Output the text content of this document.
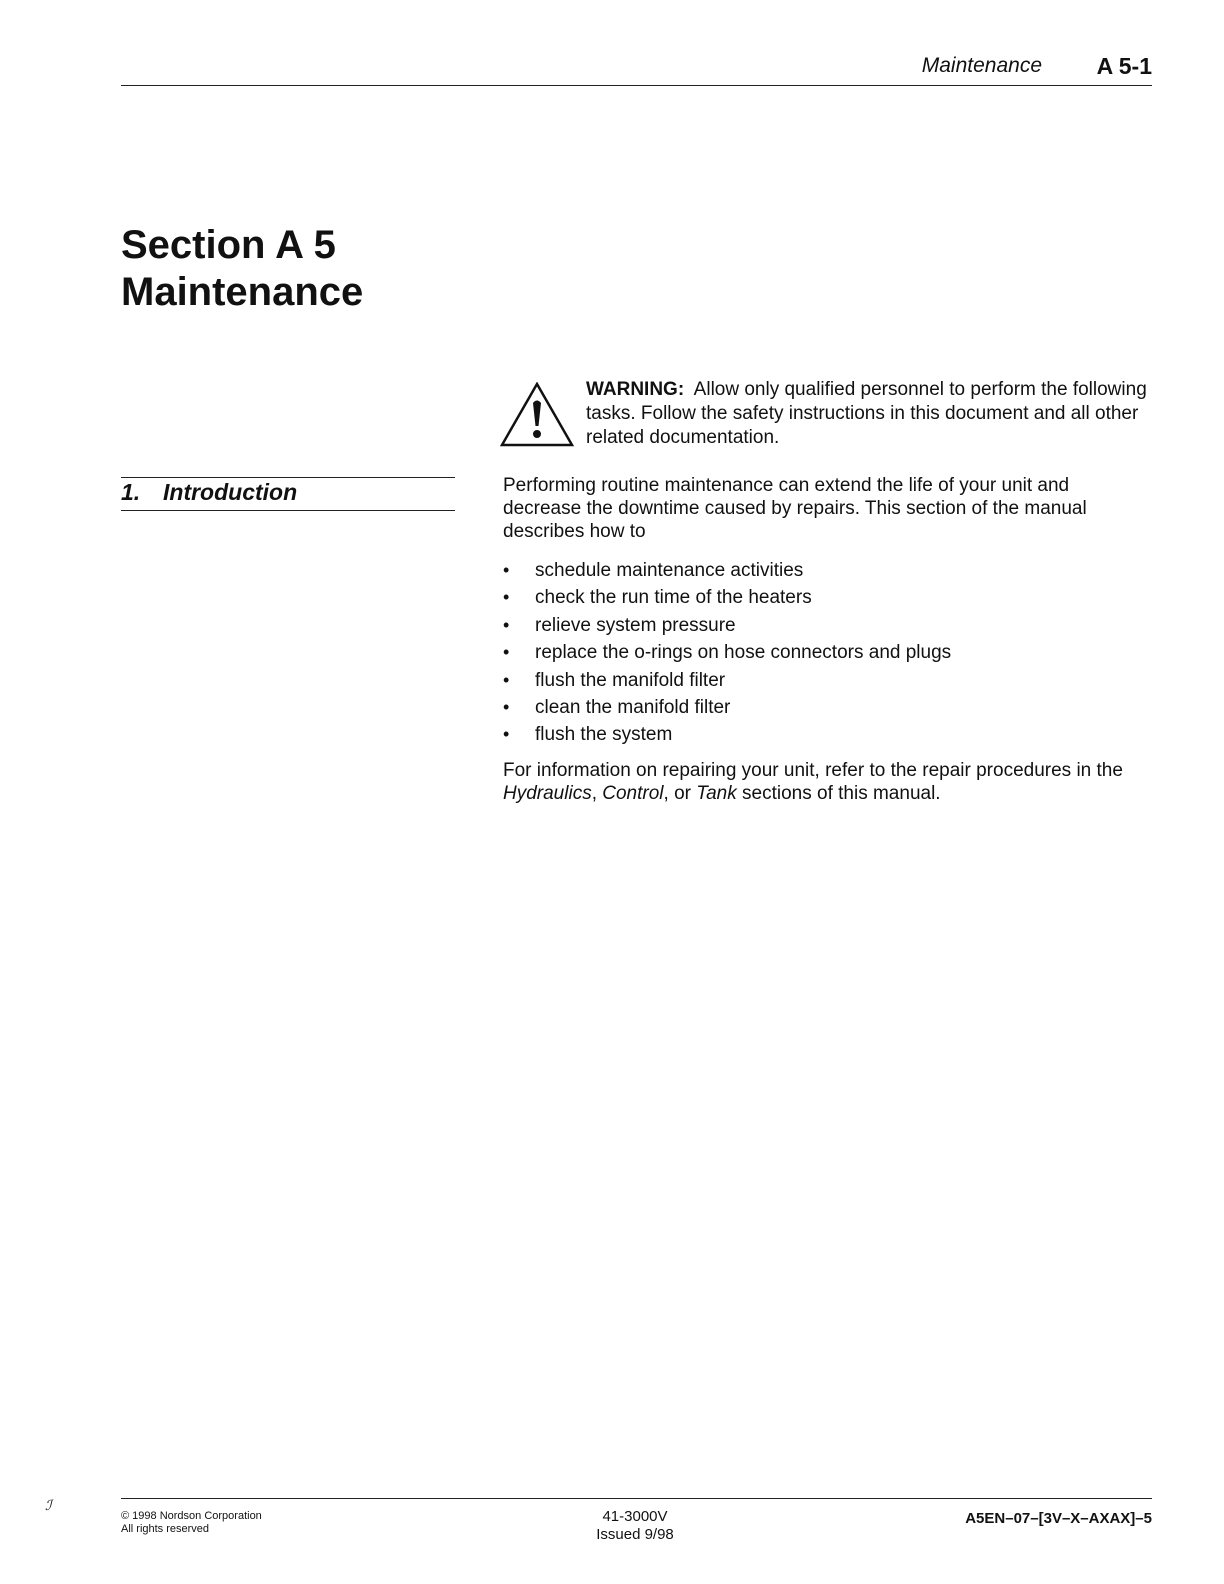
Maintenance	A 5-1
Section A 5
Maintenance
1. Introduction
WARNING: Allow only qualified personnel to perform the following tasks. Follow the safety instructions in this document and all other related documentation.
Performing routine maintenance can extend the life of your unit and decrease the downtime caused by repairs. This section of the manual describes how to
•	schedule maintenance activities
•	check the run time of the heaters
•	relieve system pressure
•	replace the o-rings on hose connectors and plugs
•	flush the manifold filter
•	clean the manifold filter
•	flush the system
For information on repairing your unit, refer to the repair procedures in the Hydraulics, Control, or Tank sections of this manual.
ℐ
© 1998 Nordson Corporation
All rights reserved
41-3000V
Issued 9/98
A5EN–07–[3V–X–AXAX]–5
